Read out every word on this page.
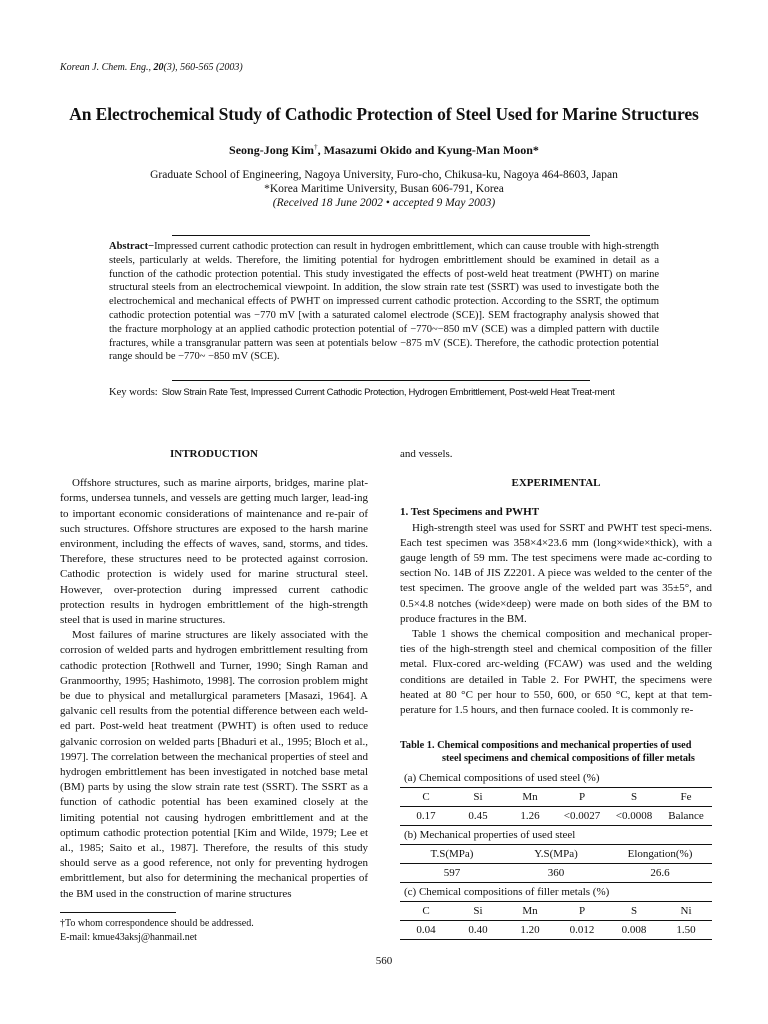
Korean J. Chem. Eng., 20(3), 560-565 (2003)
An Electrochemical Study of Cathodic Protection of Steel Used for Marine Structures
Seong-Jong Kim†, Masazumi Okido and Kyung-Man Moon*
Graduate School of Engineering, Nagoya University, Furo-cho, Chikusa-ku, Nagoya 464-8603, Japan
*Korea Maritime University, Busan 606-791, Korea
(Received 18 June 2002 • accepted 9 May 2003)
Abstract−Impressed current cathodic protection can result in hydrogen embrittlement, which can cause trouble with high-strength steels, particularly at welds. Therefore, the limiting potential for hydrogen embrittlement should be examined in detail as a function of the cathodic protection potential. This study investigated the effects of post-weld heat treatment (PWHT) on marine structural steels from an electrochemical viewpoint. In addition, the slow strain rate test (SSRT) was used to investigate both the electrochemical and mechanical effects of PWHT on impressed current cathodic protection. According to the SSRT, the optimum cathodic protection potential was −770 mV [with a saturated calomel electrode (SCE)]. SEM fractography analysis showed that the fracture morphology at an applied cathodic protection potential of −770~−850 mV (SCE) was a dimpled pattern with ductile fractures, while a transgranular pattern was seen at potentials below −875 mV (SCE). Therefore, the cathodic protection potential range should be −770~ −850 mV (SCE).
Key words: Slow Strain Rate Test, Impressed Current Cathodic Protection, Hydrogen Embrittlement, Post-weld Heat Treat-ment
INTRODUCTION

Offshore structures, such as marine airports, bridges, marine plat-forms, undersea tunnels, and vessels are getting much larger, lead-ing to important economic considerations of maintenance and re-pair of such structures. Offshore structures are exposed to the harsh marine environment, including the effects of waves, sand, storms, and tides. Therefore, these structures need to be protected against corrosion. Cathodic protection is widely used for marine structural steel. However, over-protection during impressed current cathodic protection results in hydrogen embrittlement of the high-strength steel that is used in marine structures.

Most failures of marine structures are likely associated with the corrosion of welded parts and hydrogen embrittlement resulting from cathodic protection [Rothwell and Turner, 1990; Singh Raman and Granmoorthy, 1995; Hashimoto, 1998]. The corrosion problem might be due to physical and metallurgical parameters [Masazi, 1964]. A galvanic cell results from the potential difference between each weld-ed part. Post-weld heat treatment (PWHT) is often used to reduce galvanic corrosion on welded parts [Bhaduri et al., 1995; Bloch et al., 1997]. The correlation between the mechanical properties of steel and hydrogen embrittlement has been investigated in notched base metal (BM) parts by using the slow strain rate test (SSRT). The SSRT as a function of cathodic potential has been examined closely at the limiting potential not causing hydrogen embrittlement and at the optimum cathodic protection potential [Kim and Wilde, 1979; Lee et al., 1985; Saito et al., 1987]. Therefore, the results of this study should serve as a good reference, not only for preventing hydrogen embrittlement, but also for determining the mechanical properties of the BM used in the construction of marine structures

and vessels.

EXPERIMENTAL
1. Test Specimens and PWHT

High-strength steel was used for SSRT and PWHT test speci-mens. Each test specimen was 358×4×23.6 mm (long×wide×thick), with a gauge length of 59 mm. The test specimens were made ac-cording to section No. 14B of JIS Z2201. A piece was welded to the center of the test specimen. The groove angle of the welded part was 35±5°, and 0.5×4.8 notches (wide×deep) were made on both sides of the BM to produce fractures in the BM.

Table 1 shows the chemical composition and mechanical proper-ties of the high-strength steel and chemical composition of the filler metal. Flux-cored arc-welding (FCAW) was used and the welding conditions are detailed in Table 2. For PWHT, the specimens were heated at 80 °C per hour to 550, 600, or 650 °C, kept at that tem-perature for 1.5 hours, and then furnace cooled. It is commonly re-

Table 1. Chemical compositions and mechanical properties of used
steel specimens and chemical compositions of filler metals
(a) Chemical compositions of used steel (%)					
C	Si	Mn	P	S	Fe
0.17	0.45	1.26	<0.0027	<0.0008	Balance
(b) Mechanical properties of used steel					
T.S(MPa)		Y.S(MPa)		Elongation(%)	
597		360		26.6	
(c) Chemical compositions of filler metals (%)					
C	Si	Mn	P	S	Ni
0.04	0.40	1.20	0.012	0.008	1.50
†To whom correspondence should be addressed.
E-mail: kmue43aksj@hanmail.net
560
